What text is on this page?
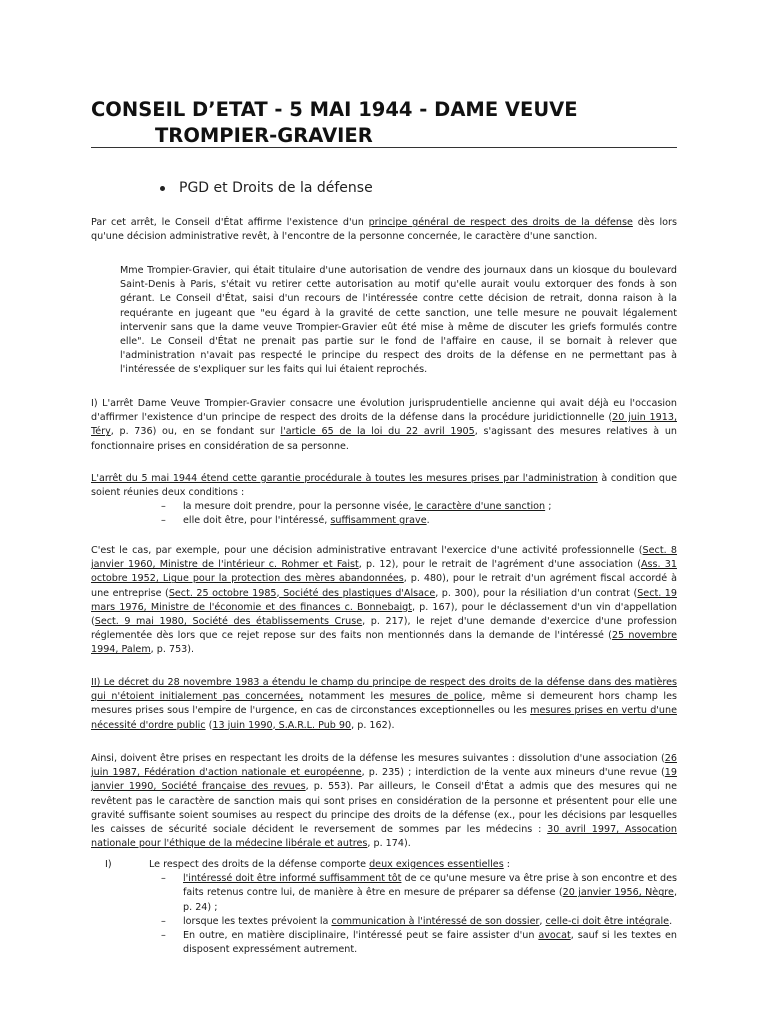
CONSEIL D’ETAT - 5 MAI 1944 - DAME VEUVE
TROMPIER-GRAVIER
PGD et Droits de la défense

Par cet arrêt, le Conseil d'État affirme l'existence d'un principe général de respect des droits de la défense dès lors qu'une décision administrative revêt, à l'encontre de la personne concernée, le caractère d'une sanction.

Mme Trompier-Gravier, qui était titulaire d'une autorisation de vendre des journaux dans un kiosque du boulevard Saint-Denis à Paris, s'était vu retirer cette autorisation au motif qu'elle aurait voulu extorquer des fonds à son gérant. Le Conseil d'État, saisi d'un recours de l'intéressée contre cette décision de retrait, donna raison à la requérante en jugeant que "eu égard à la gravité de cette sanction, une telle mesure ne pouvait légalement intervenir sans que la dame veuve Trompier-Gravier eût été mise à même de discuter les griefs formulés contre elle". Le Conseil d'État ne prenait pas partie sur le fond de l'affaire en cause, il se bornait à relever que l'administration n'avait pas respecté le principe du respect des droits de la défense en ne permettant pas à l'intéressée de s'expliquer sur les faits qui lui étaient reprochés.

I) L'arrêt Dame Veuve Trompier-Gravier consacre une évolution jurisprudentielle ancienne qui avait déjà eu l'occasion d'affirmer l'existence d'un principe de respect des droits de la défense dans la procédure juridictionnelle (20 juin 1913, Téry, p. 736) ou, en se fondant sur l'article 65 de la loi du 22 avril 1905, s'agissant des mesures relatives à un fonctionnaire prises en considération de sa personne.

L'arrêt du 5 mai 1944 étend cette garantie procédurale à toutes les mesures prises par l'administration à condition que soient réunies deux conditions :

– la mesure doit prendre, pour la personne visée, le caractère d'une sanction ;
– elle doit être, pour l'intéressé, suffisamment grave.

C'est le cas, par exemple, pour une décision administrative entravant l'exercice d'une activité professionnelle (Sect. 8 janvier 1960, Ministre de l'intérieur c. Rohmer et Faist, p. 12), pour le retrait de l'agrément d'une association (Ass. 31 octobre 1952, Ligue pour la protection des mères abandonnées, p. 480), pour le retrait d'un agrément fiscal accordé à une entreprise (Sect. 25 octobre 1985, Société des plastiques d'Alsace, p. 300), pour la résiliation d'un contrat (Sect. 19 mars 1976, Ministre de l'économie et des finances c. Bonnebaigt, p. 167), pour le déclassement d'un vin d'appellation (Sect. 9 mai 1980, Société des établissements Cruse, p. 217), le rejet d'une demande d'exercice d'une profession réglementée dès lors que ce rejet repose sur des faits non mentionnés dans la demande de l'intéressé (25 novembre 1994, Palem, p. 753).

II) Le décret du 28 novembre 1983 a étendu le champ du principe de respect des droits de la défense dans des matières qui n'étoient initialement pas concernées, notamment les mesures de police, même si demeurent hors champ les mesures prises sous l'empire de l'urgence, en cas de circonstances exceptionnelles ou les mesures prises en vertu d'une nécessité d'ordre public (13 juin 1990, S.A.R.L. Pub 90, p. 162).

Ainsi, doivent être prises en respectant les droits de la défense les mesures suivantes : dissolution d'une association (26 juin 1987, Fédération d'action nationale et européenne, p. 235) ; interdiction de la vente aux mineurs d'une revue (19 janvier 1990, Société française des revues, p. 553). Par ailleurs, le Conseil d'État a admis que des mesures qui ne revêtent pas le caractère de sanction mais qui sont prises en considération de la personne et présentent pour elle une gravité suffisante soient soumises au respect du principe des droits de la défense (ex., pour les décisions par lesquelles les caisses de sécurité sociale décident le reversement de sommes par les médecins : 30 avril 1997, Assocation nationale pour l'éthique de la médecine libérale et autres, p. 174).

I)	Le respect des droits de la défense comporte deux exigences essentielles :
– l'intéressé doit être informé suffisamment tôt de ce qu'une mesure va être prise à son encontre et des faits retenus contre lui, de manière à être en mesure de préparer sa défense (20 janvier 1956, Nègre, p. 24) ;
– lorsque les textes prévoient la communication à l'intéressé de son dossier, celle-ci doit être intégrale.
– En outre, en matière disciplinaire, l'intéressé peut se faire assister d'un avocat, sauf si les textes en disposent expressément autrement.
